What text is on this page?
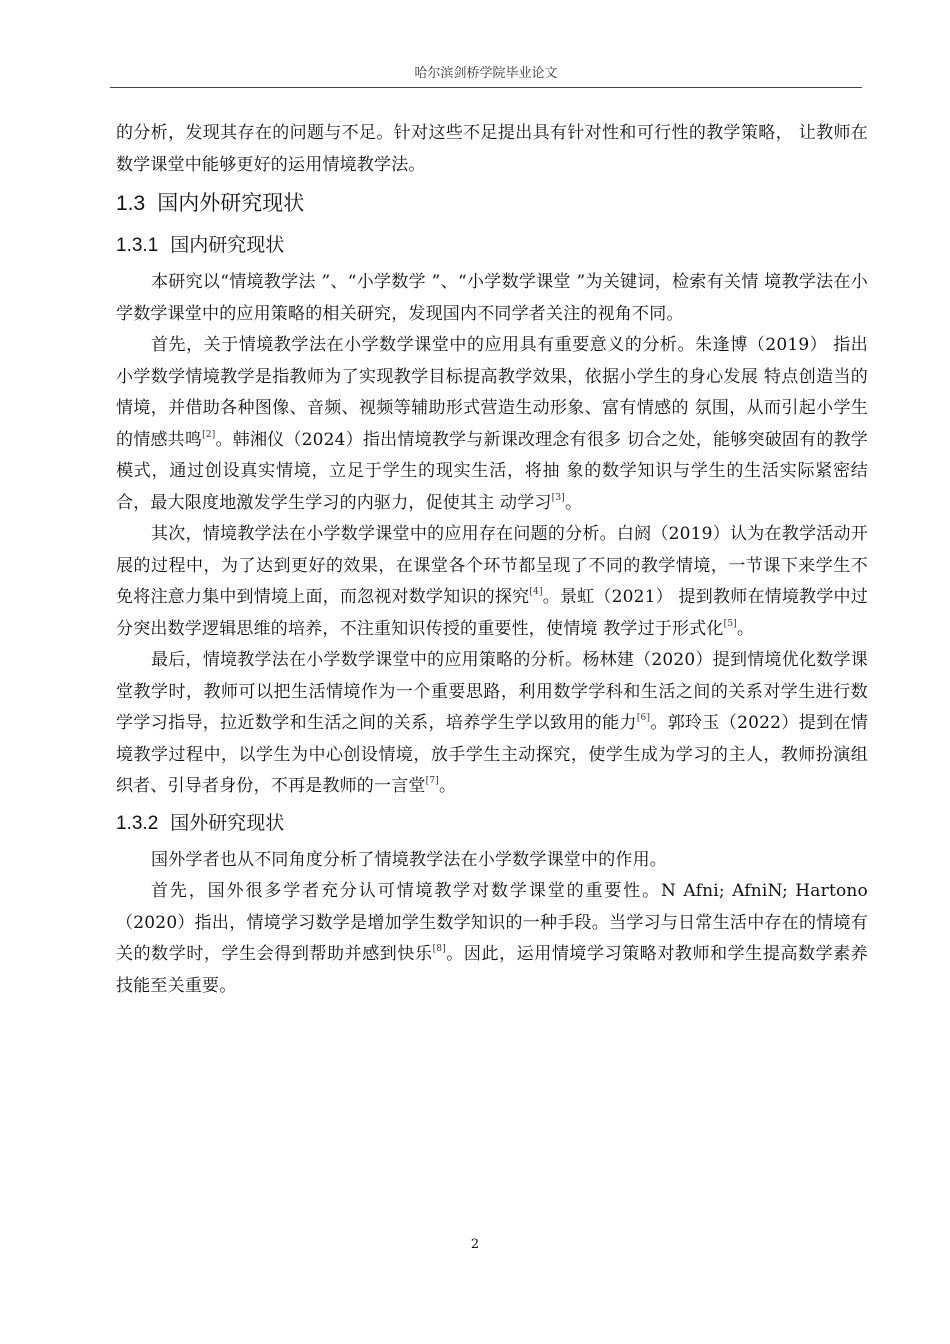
哈尔滨剑桥学院毕业论文

的分析，发现其存在的问题与不足。针对这些不足提出具有针对性和可行性的教学策略， 让教师在数学课堂中能够更好的运用情境教学法。

1.3 国内外研究现状
1.3.1 国内研究现状

本研究以“情境教学法 ”、“小学数学 ”、“小学数学课堂 ”为关键词，检索有关情 境教学法在小学数学课堂中的应用策略的相关研究，发现国内不同学者关注的视角不同。

首先，关于情境教学法在小学数学课堂中的应用具有重要意义的分析。朱逢博（2019） 指出小学数学情境教学是指教师为了实现教学目标提高教学效果，依据小学生的身心发展 特点创造当的情境，并借助各种图像、音频、视频等辅助形式营造生动形象、富有情感的 氛围，从而引起小学生的情感共鸣[2]。韩湘仪（2024）指出情境教学与新课改理念有很多 切合之处，能够突破固有的教学模式，通过创设真实情境，立足于学生的现实生活，将抽 象的数学知识与学生的生活实际紧密结合，最大限度地激发学生学习的内驱力，促使其主 动学习[3]。

其次，情境教学法在小学数学课堂中的应用存在问题的分析。白阏（2019）认为在教学活动开展的过程中，为了达到更好的效果，在课堂各个环节都呈现了不同的教学情境，一节课下来学生不免将注意力集中到情境上面，而忽视对数学知识的探究[4]。景虹（2021） 提到教师在情境教学中过分突出数学逻辑思维的培养，不注重知识传授的重要性，使情境 教学过于形式化[5]。

最后，情境教学法在小学数学课堂中的应用策略的分析。杨林建（2020）提到情境优化数学课堂教学时，教师可以把生活情境作为一个重要思路，利用数学学科和生活之间的关系对学生进行数学学习指导，拉近数学和生活之间的关系，培养学生学以致用的能力[6]。郭玲玉（2022）提到在情境教学过程中，以学生为中心创设情境，放手学生主动探究，使学生成为学习的主人，教师扮演组织者、引导者身份，不再是教师的一言堂[7]。

1.3.2 国外研究现状

国外学者也从不同角度分析了情境教学法在小学数学课堂中的作用。

首先，国外很多学者充分认可情境教学对数学课堂的重要性。N Afni; AfniN; Hartono（2020）指出，情境学习数学是增加学生数学知识的一种手段。当学习与日常生活中存在的情境有关的数学时，学生会得到帮助并感到快乐[8]。因此，运用情境学习策略对教师和学生提高数学素养技能至关重要。

2
